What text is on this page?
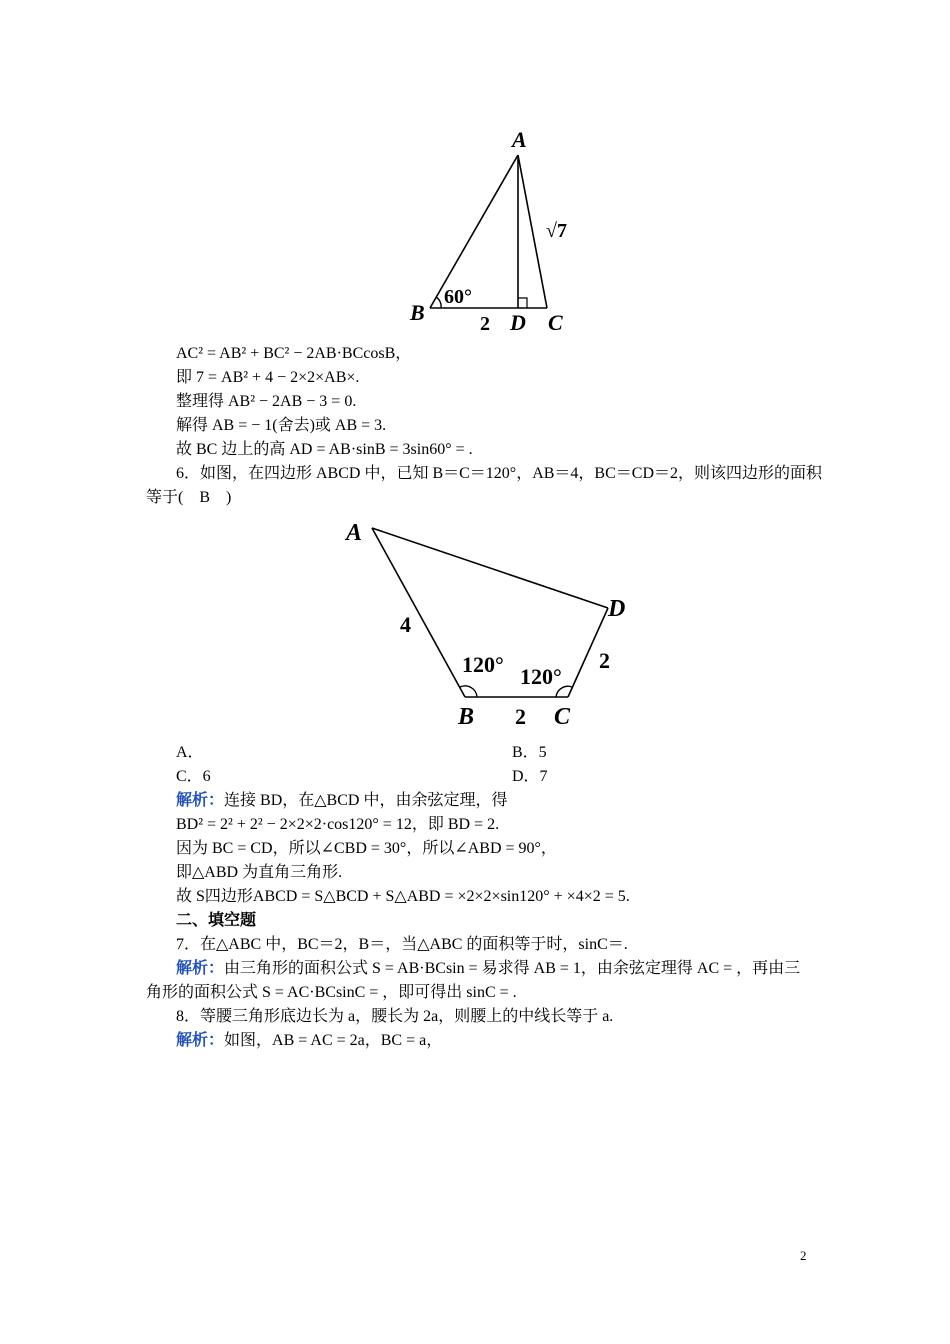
A
B	D C
60°
2
√7
AC² = AB² + BC² − 2AB·BCcosB，
即 7 = AB² + 4 − 2×2×AB×.
整理得 AB² − 2AB − 3 = 0.
解得 AB = − 1(舍去)或 AB = 3.
故 BC 边上的高 AD = AB·sinB = 3sin60° = .
6．如图，在四边形 ABCD 中，已知 B＝C＝120°，AB＝4，BC＝CD＝2，则该四边形的面积
等于(　B　)
A
D
B	C
4
2
2
120° 120°
A．	B．5
C．6	D．7
解析：连接 BD，在△BCD 中，由余弦定理，得
BD² = 2² + 2² − 2×2×2·cos120° = 12，即 BD = 2.
因为 BC = CD，所以∠CBD = 30°，所以∠ABD = 90°，
即△ABD 为直角三角形.
故 S四边形ABCD = S△BCD + S△ABD = ×2×2×sin120° + ×4×2 = 5.
二、填空题
7．在△ABC 中，BC＝2，B＝，当△ABC 的面积等于时，sinC＝.
解析：由三角形的面积公式 S = AB·BCsin = 易求得 AB = 1，由余弦定理得 AC = ，再由三
角形的面积公式 S = AC·BCsinC = ，即可得出 sinC = .
8．等腰三角形底边长为 a，腰长为 2a，则腰上的中线长等于 a.
解析：如图，AB = AC = 2a，BC = a，
2
